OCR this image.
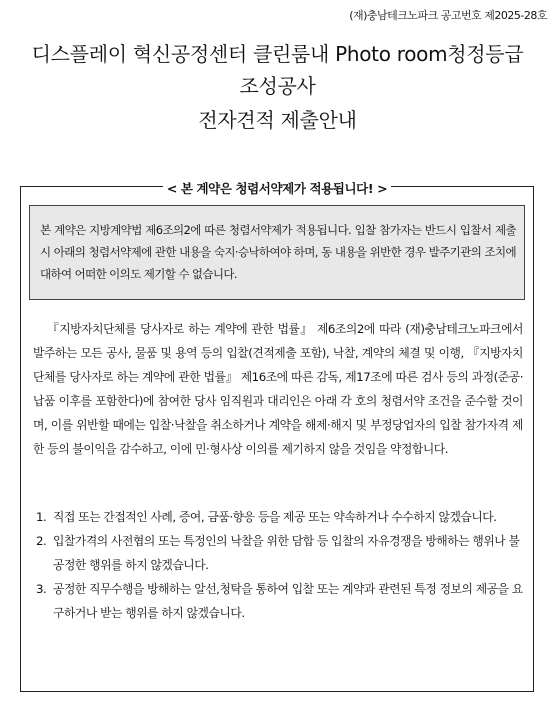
(재)충남테크노파크 공고번호 제2025-28호
디스플레이 혁신공정센터 클린룸내 Photo room청정등급
조성공사
전자견적 제출안내
< 본 계약은 청렴서약제가 적용됩니다! >
본 계약은 지방계약법 제6조의2에 따른 청렴서약제가 적용됩니다. 입찰 참가자는 반드시 입찰서 제출시 아래의 청렴서약제에 관한 내용을 숙지·승낙하여야 하며, 동 내용을 위반한 경우 발주기관의 조치에 대하여 어떠한 이의도 제기할 수 없습니다.
『지방자치단체를 당사자로 하는 계약에 관한 법률』 제6조의2에 따라 (재)충남테크노파크에서 발주하는 모든 공사, 물품 및 용역 등의 입찰(견적제출 포함), 낙찰, 계약의 체결 및 이행, 『지방자치단체를 당사자로 하는 계약에 관한 법률』 제16조에 따른 감독, 제17조에 따른 검사 등의 과정(준공·납품 이후를 포함한다)에 참여한 당사 임직원과 대리인은 아래 각 호의 청렴서약 조건을 준수할 것이며, 이를 위반할 때에는 입찰·낙찰을 취소하거나 계약을 해제·해지 및 부정당업자의 입찰 참가자격 제한 등의 불이익을 감수하고, 이에 민·형사상 이의를 제기하지 않을 것임을 약정합니다.
1. 직접 또는 간접적인 사례, 증여, 금품·향응 등을 제공 또는 약속하거나 수수하지 않겠습니다.
2. 입찰가격의 사전협의 또는 특정인의 낙찰을 위한 담합 등 입찰의 자유경쟁을 방해하는 행위나 불공정한 행위를 하지 않겠습니다.
3. 공정한 직무수행을 방해하는 알선,청탁을 통하여 입찰 또는 계약과 관련된 특정 정보의 제공을 요구하거나 받는 행위를 하지 않겠습니다.
